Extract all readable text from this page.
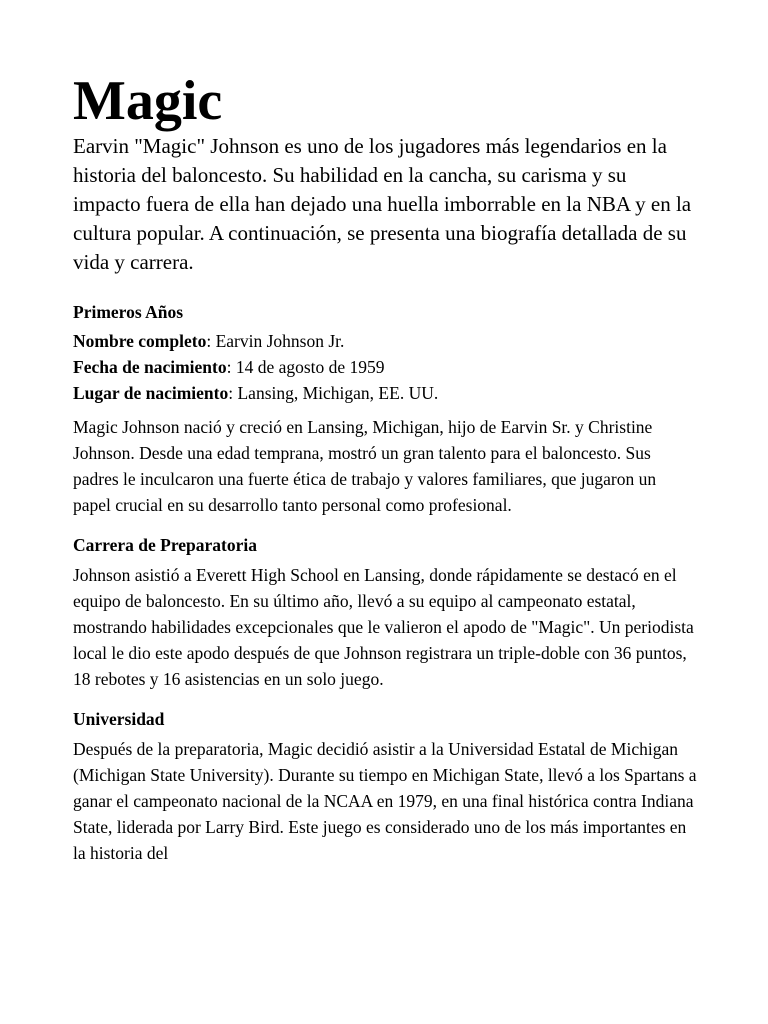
Magic

Earvin "Magic" Johnson es uno de los jugadores más legendarios en la historia del baloncesto. Su habilidad en la cancha, su carisma y su impacto fuera de ella han dejado una huella imborrable en la NBA y en la cultura popular. A continuación, se presenta una biografía detallada de su vida y carrera.

Primeros Años

Nombre completo: Earvin Johnson Jr.
Fecha de nacimiento: 14 de agosto de 1959
Lugar de nacimiento: Lansing, Michigan, EE. UU.

Magic Johnson nació y creció en Lansing, Michigan, hijo de Earvin Sr. y Christine Johnson. Desde una edad temprana, mostró un gran talento para el baloncesto. Sus padres le inculcaron una fuerte ética de trabajo y valores familiares, que jugaron un papel crucial en su desarrollo tanto personal como profesional.

Carrera de Preparatoria

Johnson asistió a Everett High School en Lansing, donde rápidamente se destacó en el equipo de baloncesto. En su último año, llevó a su equipo al campeonato estatal, mostrando habilidades excepcionales que le valieron el apodo de "Magic". Un periodista local le dio este apodo después de que Johnson registrara un triple-doble con 36 puntos, 18 rebotes y 16 asistencias en un solo juego.

Universidad

Después de la preparatoria, Magic decidió asistir a la Universidad Estatal de Michigan (Michigan State University). Durante su tiempo en Michigan State, llevó a los Spartans a ganar el campeonato nacional de la NCAA en 1979, en una final histórica contra Indiana State, liderada por Larry Bird. Este juego es considerado uno de los más importantes en la historia del
